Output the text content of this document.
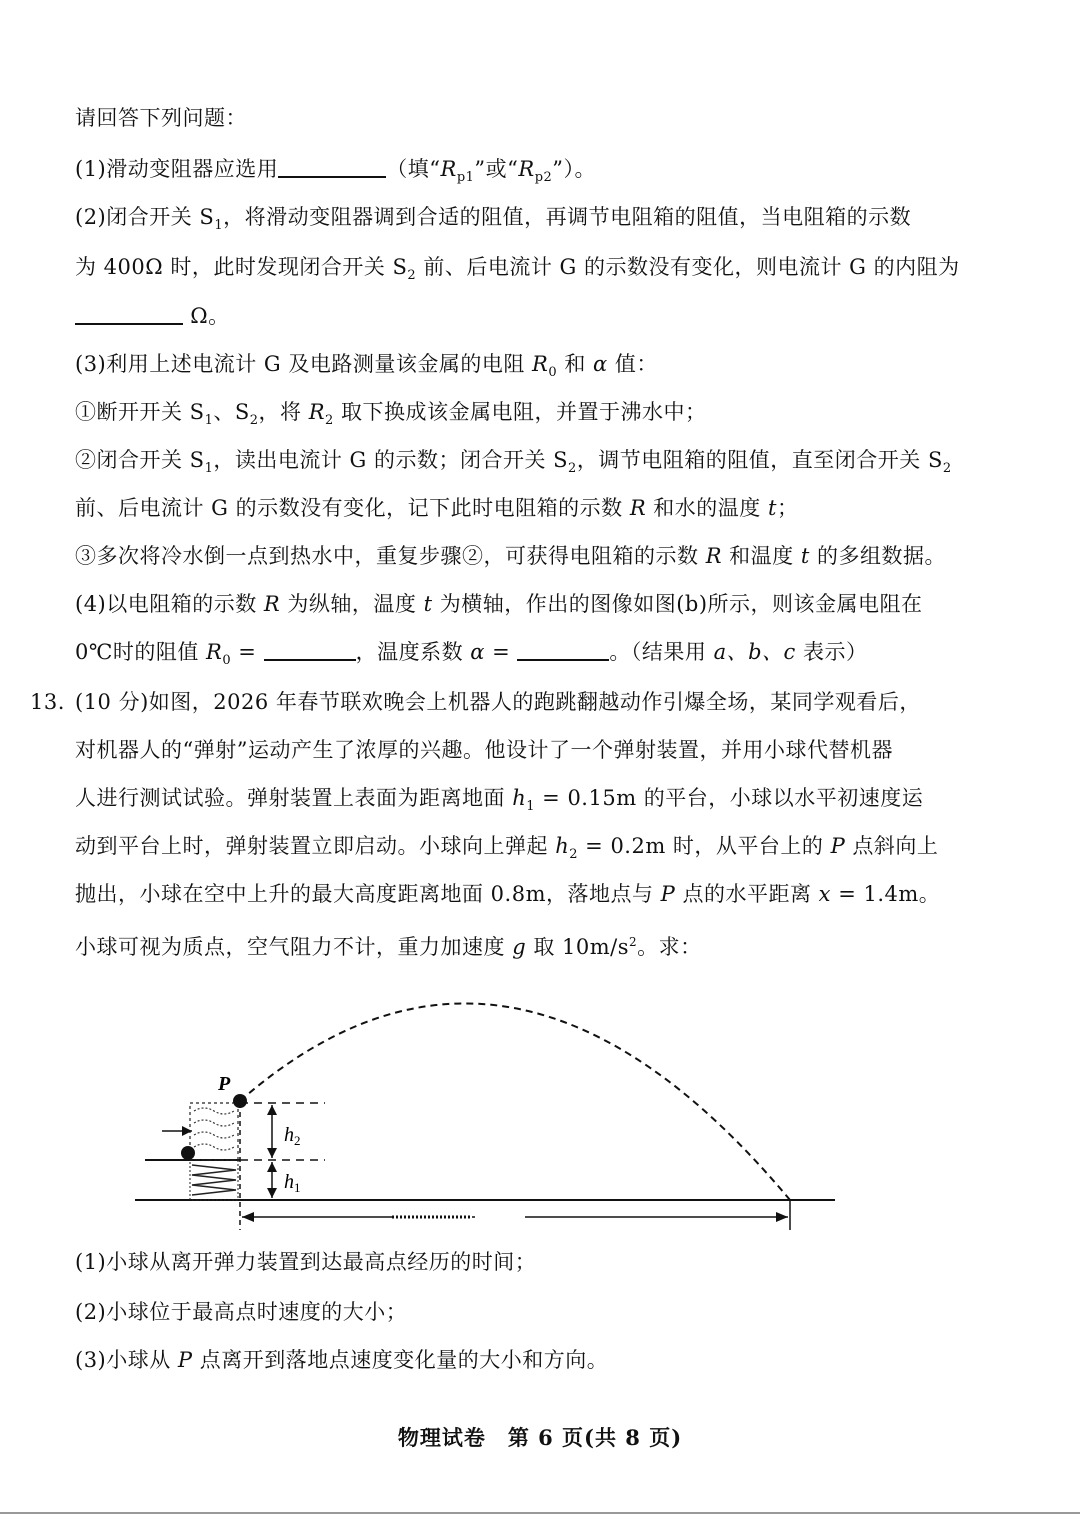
请回答下列问题：
(1)滑动变阻器应选用	（填“$R_{p1}$”或“$R_{p2}$”）。
(2)闭合开关 $S_1$，将滑动变阻器调到合适的阻值，再调节电阻箱的阻值，当电阻箱的示数
为 400Ω 时，此时发现闭合开关 $S_2$ 前、后电流计 G 的示数没有变化，则电流计 G 的内阻为
Ω。
(3)利用上述电流计 G 及电路测量该金属的电阻 $R_0$ 和 α 值：
①断开开关 $S_1$、$S_2$，将 $R_2$ 取下换成该金属电阻，并置于沸水中；
②闭合开关 $S_1$，读出电流计 G 的示数；闭合开关 $S_2$，调节电阻箱的阻值，直至闭合开关 $S_2$
前、后电流计 G 的示数没有变化，记下此时电阻箱的示数 R 和水的温度 t；
③多次将冷水倒一点到热水中，重复步骤②，可获得电阻箱的示数 R 和温度 t 的多组数据。
(4)以电阻箱的示数 R 为纵轴，温度 t 为横轴，作出的图像如图(b)所示，则该金属电阻在
0℃时的阻值 $R_0$ =	，温度系数 α =	。（结果用 a、b、c 表示）
13. (10 分)如图，2026 年春节联欢晚会上机器人的跑跳翻越动作引爆全场，某同学观看后，
对机器人的“弹射”运动产生了浓厚的兴趣。他设计了一个弹射装置，并用小球代替机器
人进行测试试验。弹射装置上表面为距离地面 $h_1 = 0.15m$ 的平台，小球以水平初速度运
动到平台上时，弹射装置立即启动。小球向上弹起 $h_2 = 0.2m$ 时，从平台上的 P 点斜向上
抛出，小球在空中上升的最大高度距离地面 0.8m，落地点与 P 点的水平距离 x = 1.4m。
小球可视为质点，空气阻力不计，重力加速度 g 取 $10m/s^2$。求：
P
$h_2$
$h_1$
(1)小球从离开弹力装置到达最高点经历的时间；
(2)小球位于最高点时速度的大小；
(3)小球从 P 点离开到落地点速度变化量的大小和方向。
物理试卷　第 6 页(共 8 页)
